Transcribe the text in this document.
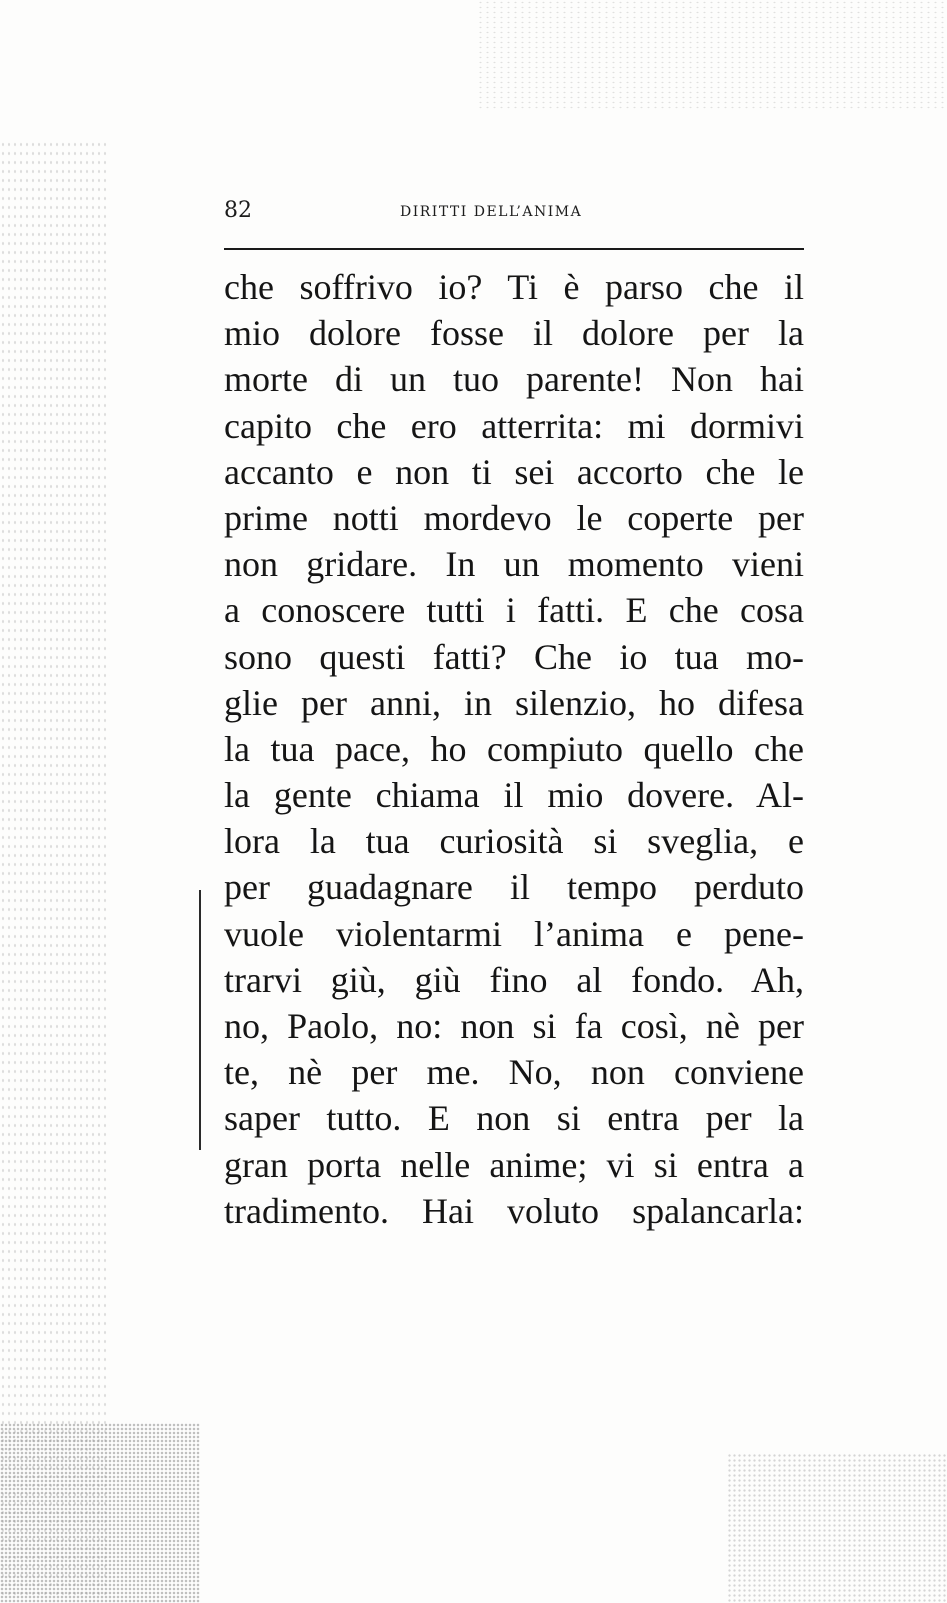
82	DIRITTI DELL’ANIMA
che soffrivo io? Ti è parso che il
mio dolore fosse il dolore per la
morte di un tuo parente! Non hai
capito che ero atterrita: mi dormivi
accanto e non ti sei accorto che le
prime notti mordevo le coperte per
non gridare. In un momento vieni
a conoscere tutti i fatti. E che cosa
sono questi fatti? Che io tua mo-
glie per anni, in silenzio, ho difesa
la tua pace, ho compiuto quello che
la gente chiama il mio dovere. Al-
lora la tua curiosità si sveglia, e
per guadagnare il tempo perduto
vuole violentarmi l’anima e pene-
trarvi giù, giù fino al fondo. Ah,
no, Paolo, no: non si fa così, nè per
te, nè per me. No, non conviene
saper tutto. E non si entra per la
gran porta nelle anime; vi si entra a
tradimento. Hai voluto spalancarla:
